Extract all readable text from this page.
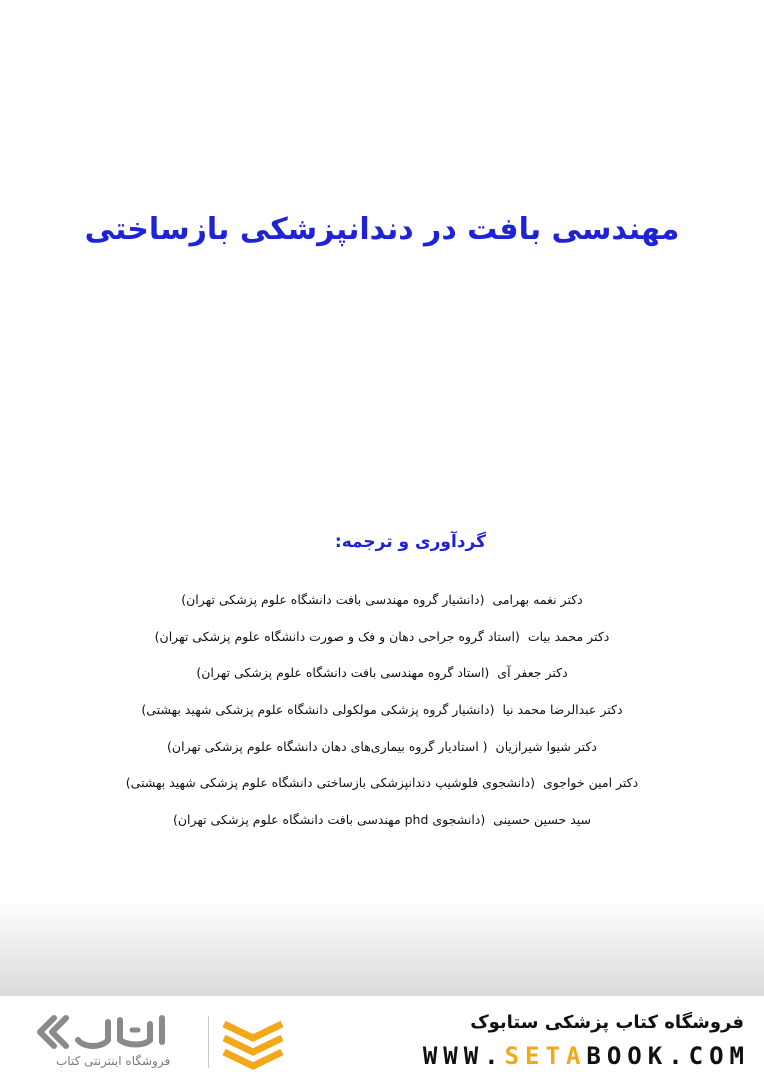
مهندسی بافت در دندانپزشکی بازساختی
گردآوری و ترجمه:
دکتر نغمه بهرامی (دانشیار گروه مهندسی بافت دانشگاه علوم پزشکی تهران)
دکتر محمد بیات (استاد گروه جراحی دهان و فک و صورت دانشگاه علوم پزشکی تهران)
دکتر جعفر آی (استاد گروه مهندسی بافت دانشگاه علوم پزشکی تهران)
دکتر عبدالرضا محمد نیا (دانشیار گروه پزشکی مولکولی دانشگاه علوم پزشکی شهید بهشتی)
دکتر شیوا شیرازیان ( استادیار گروه بیماری‌های دهان دانشگاه علوم پزشکی تهران)
دکتر امین خواجوی (دانشجوی فلوشیپ دندانپزشکی بازساختی دانشگاه علوم پزشکی شهید بهشتی)
سید حسین حسینی (دانشجوی phd مهندسی بافت دانشگاه علوم پزشکی تهران)
فروشگاه اینترنتی کتاب
فروشگاه کتاب پزشکی ستابوک
WWW.SETABOOK.COM
